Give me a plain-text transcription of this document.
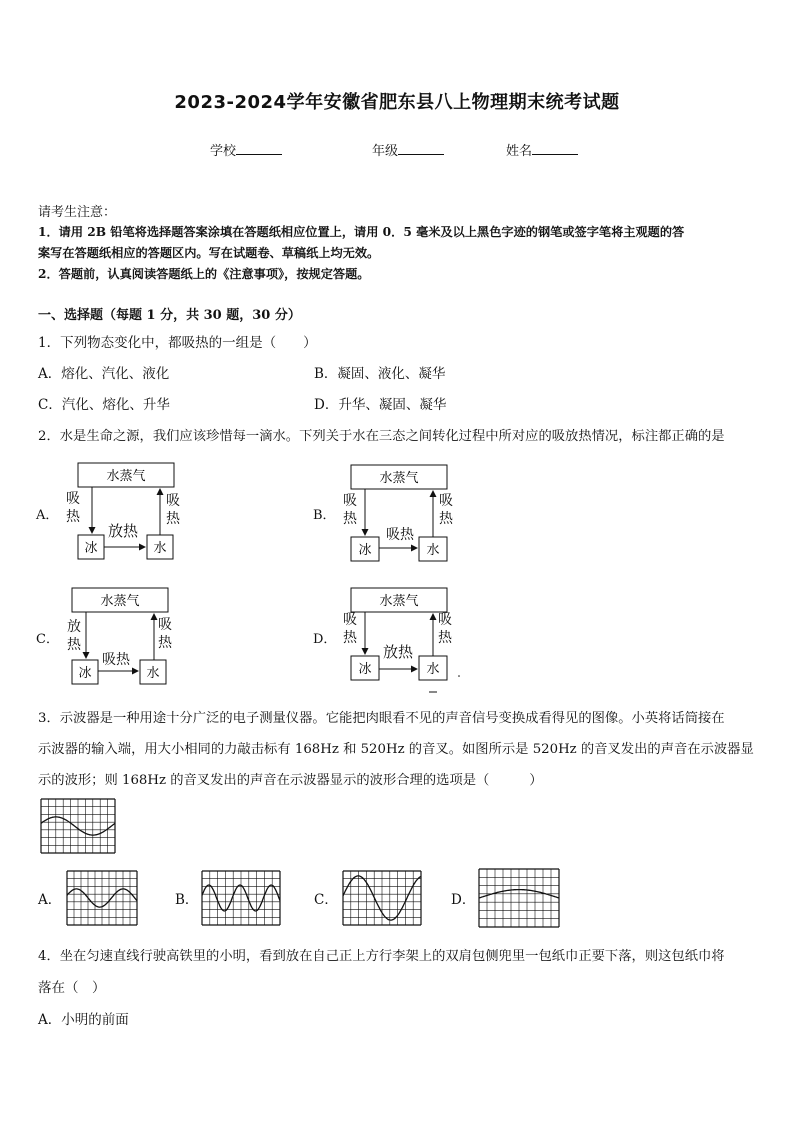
2023-2024学年安徽省肥东县八上物理期末统考试题
学校	年级	姓名
请考生注意：
1．请用 2B 铅笔将选择题答案涂填在答题纸相应位置上，请用 0．5 毫米及以上黑色字迹的钢笔或签字笔将主观题的答
案写在答题纸相应的答题区内。写在试题卷、草稿纸上均无效。
2．答题前，认真阅读答题纸上的《注意事项》，按规定答题。
一、选择题（每题 1 分，共 30 题，30 分）
1．下列物态变化中，都吸热的一组是（　　）
A．熔化、汽化、液化	B．凝固、液化、凝华
C．汽化、熔化、升华	D．升华、凝固、凝华
2．水是生命之源，我们应该珍惜每一滴水。下列关于水在三态之间转化过程中所对应的吸放热情况，标注都正确的是
水蒸气
冰	水
A．
吸热
吸热
放热
水蒸气
冰	水
B．
吸热
吸热
吸热
水蒸气
冰	水
C．
放热
吸热
吸热
水蒸气
冰	水
D．
吸热
吸热
放热
3．示波器是一种用途十分广泛的电子测量仪器。它能把肉眼看不见的声音信号变换成看得见的图像。小英将话筒接在
示波器的输入端，用大小相同的力敲击标有 168Hz 和 520Hz 的音叉。如图所示是 520Hz 的音叉发出的声音在示波器显
示的波形；则 168Hz 的音叉发出的声音在示波器显示的波形合理的选项是（　　　）
A．	B．	C．	D．
4．坐在匀速直线行驶高铁里的小明，看到放在自己正上方行李架上的双肩包侧兜里一包纸巾正要下落，则这包纸巾将
落在（　）
A．小明的前面
